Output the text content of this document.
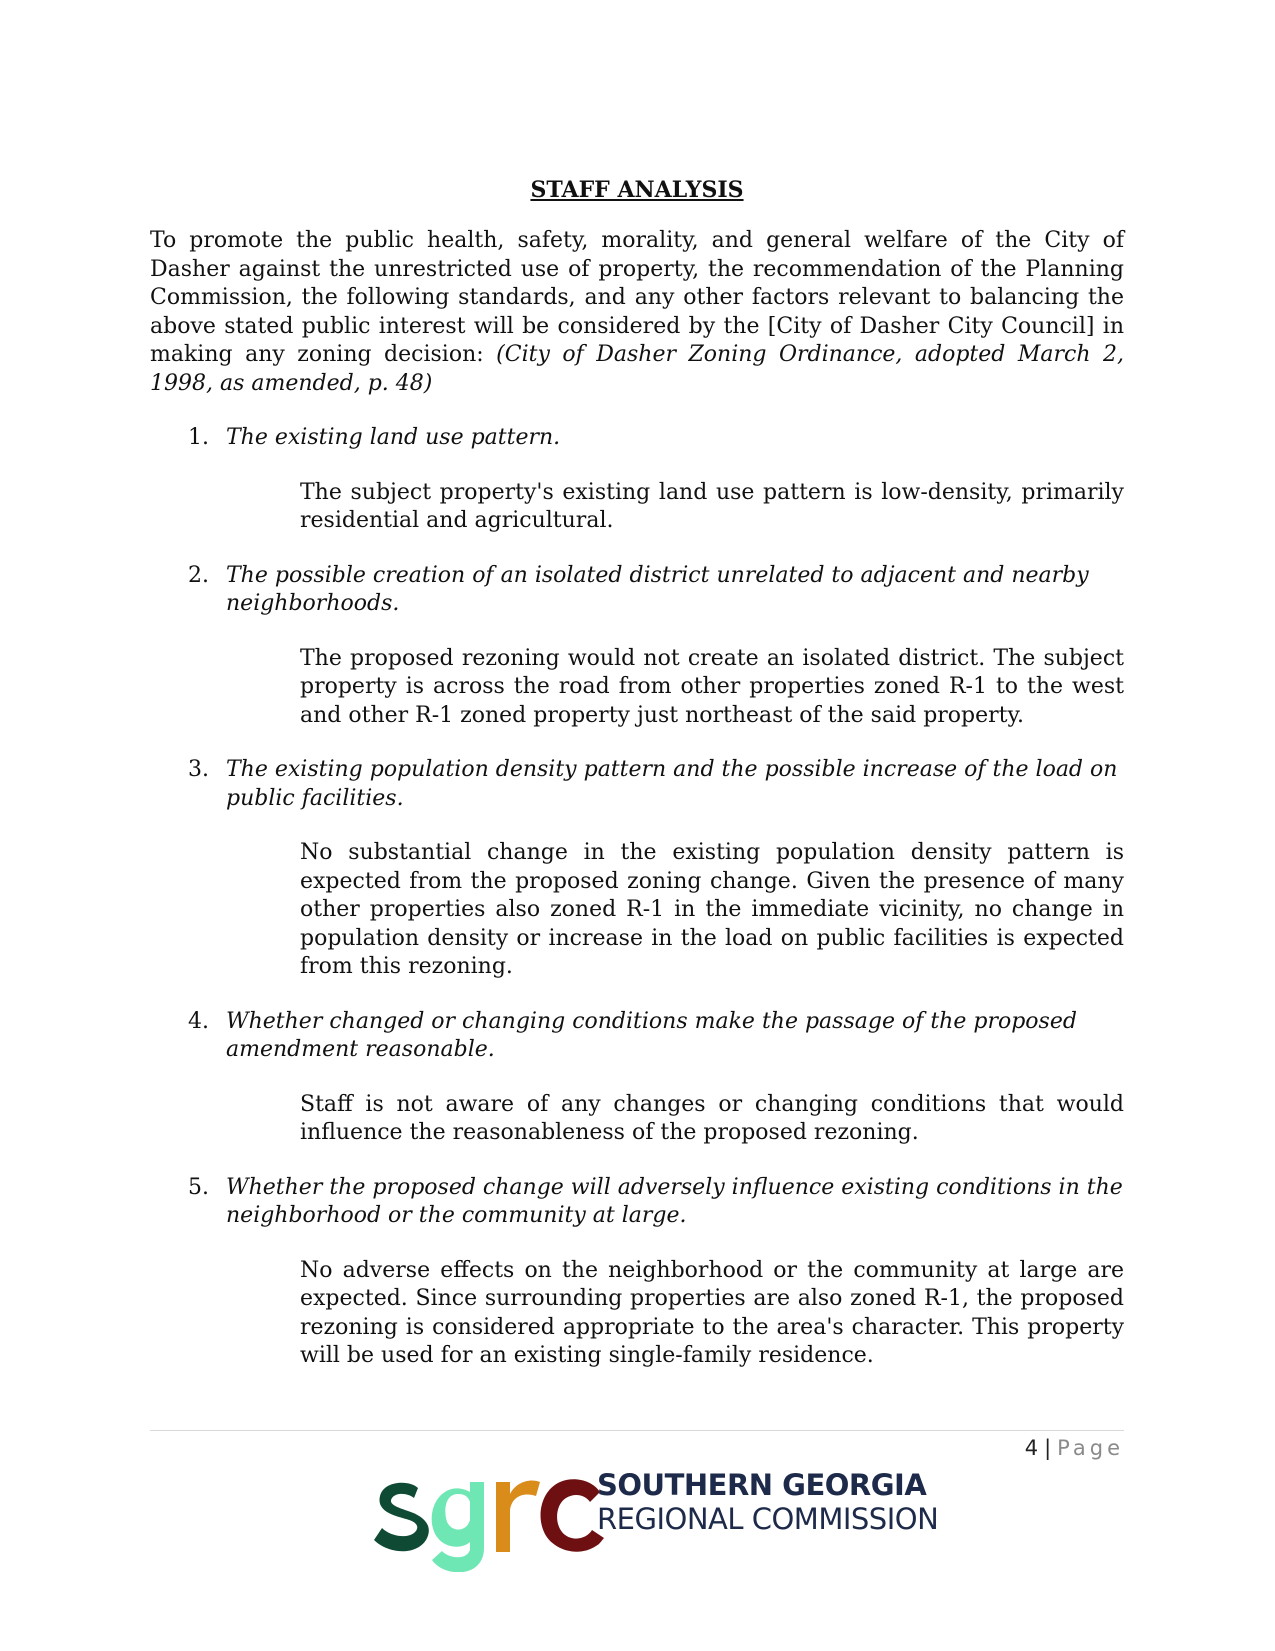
STAFF ANALYSIS

To promote the public health, safety, morality, and general welfare of the City of Dasher against the unrestricted use of property, the recommendation of the Planning Commission, the following standards, and any other factors relevant to balancing the above stated public interest will be considered by the [City of Dasher City Council] in making any zoning decision: (City of Dasher Zoning Ordinance, adopted March 2, 1998, as amended, p. 48)

1. The existing land use pattern.
The subject property's existing land use pattern is low-density, primarily residential and agricultural.
2. The possible creation of an isolated district unrelated to adjacent and nearby neighborhoods.
The proposed rezoning would not create an isolated district. The subject property is across the road from other properties zoned R-1 to the west and other R-1 zoned property just northeast of the said property.
3. The existing population density pattern and the possible increase of the load on public facilities.
No substantial change in the existing population density pattern is expected from the proposed zoning change. Given the presence of many other properties also zoned R-1 in the immediate vicinity, no change in population density or increase in the load on public facilities is expected from this rezoning.
4. Whether changed or changing conditions make the passage of the proposed amendment reasonable.
Staff is not aware of any changes or changing conditions that would influence the reasonableness of the proposed rezoning.
5. Whether the proposed change will adversely influence existing conditions in the neighborhood or the community at large.
No adverse effects on the neighborhood or the community at large are expected. Since surrounding properties are also zoned R-1, the proposed rezoning is considered appropriate to the area's character. This property will be used for an existing single-family residence.
4 | Page
SOUTHERN GEORGIA
REGIONAL COMMISSION
